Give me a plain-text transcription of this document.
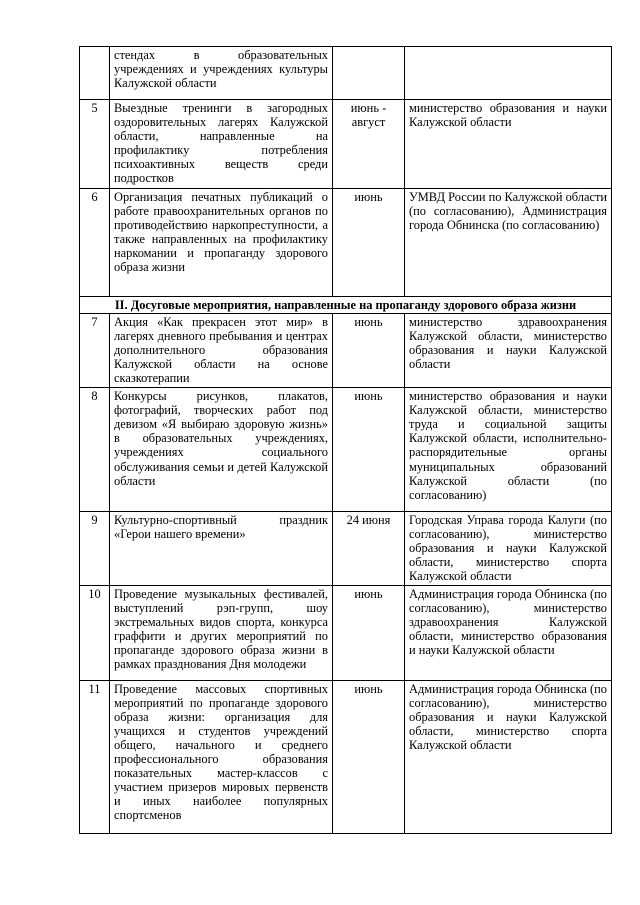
	стендах в образовательных учреждениях и учреждениях культуры Калужской области		
5	Выездные тренинги в загородных оздоровительных лагерях Калужской области, направленные на профилактику потребления психоактивных веществ среди подростков	июнь - август	министерство образования и науки Калужской области
6	Организация печатных публикаций о работе правоохранительных органов по противодействию наркопреступности, а также направленных на профилактику наркомании и пропаганду здорового образа жизни	июнь	УМВД России по Калужской области (по согласованию), Администрация города Обнинска (по согласованию)
II. Досуговые мероприятия, направленные на пропаганду здорового образа жизни			
7	Акция «Как прекрасен этот мир» в лагерях дневного пребывания и центрах дополнительного образования Калужской области на основе сказкотерапии	июнь	министерство здравоохранения Калужской области, министерство образования и науки Калужской области
8	Конкурсы рисунков, плакатов, фотографий, творческих работ под девизом «Я выбираю здоровую жизнь» в образовательных учреждениях, учреждениях социального обслуживания семьи и детей Калужской области	июнь	министерство образования и науки Калужской области, министерство труда и социальной защиты Калужской области, исполнительно-распорядительные органы муниципальных образований Калужской области (по согласованию)
9	Культурно-спортивный праздник «Герои нашего времени»	24 июня	Городская Управа города Калуги (по согласованию), министерство образования и науки Калужской области, министерство спорта Калужской области
10	Проведение музыкальных фестивалей, выступлений рэп-групп, шоу экстремальных видов спорта, конкурса граффити и других мероприятий по пропаганде здорового образа жизни в рамках празднования Дня молодежи	июнь	Администрация города Обнинска (по согласованию), министерство здравоохранения Калужской области, министерство образования и науки Калужской области
11	Проведение массовых спортивных мероприятий по пропаганде здорового образа жизни: организация для учащихся и студентов учреждений общего, начального и среднего профессионального образования показательных мастер-классов с участием призеров мировых первенств и иных наиболее популярных спортсменов	июнь	Администрация города Обнинска (по согласованию), министерство образования и науки Калужской области, министерство спорта Калужской области
